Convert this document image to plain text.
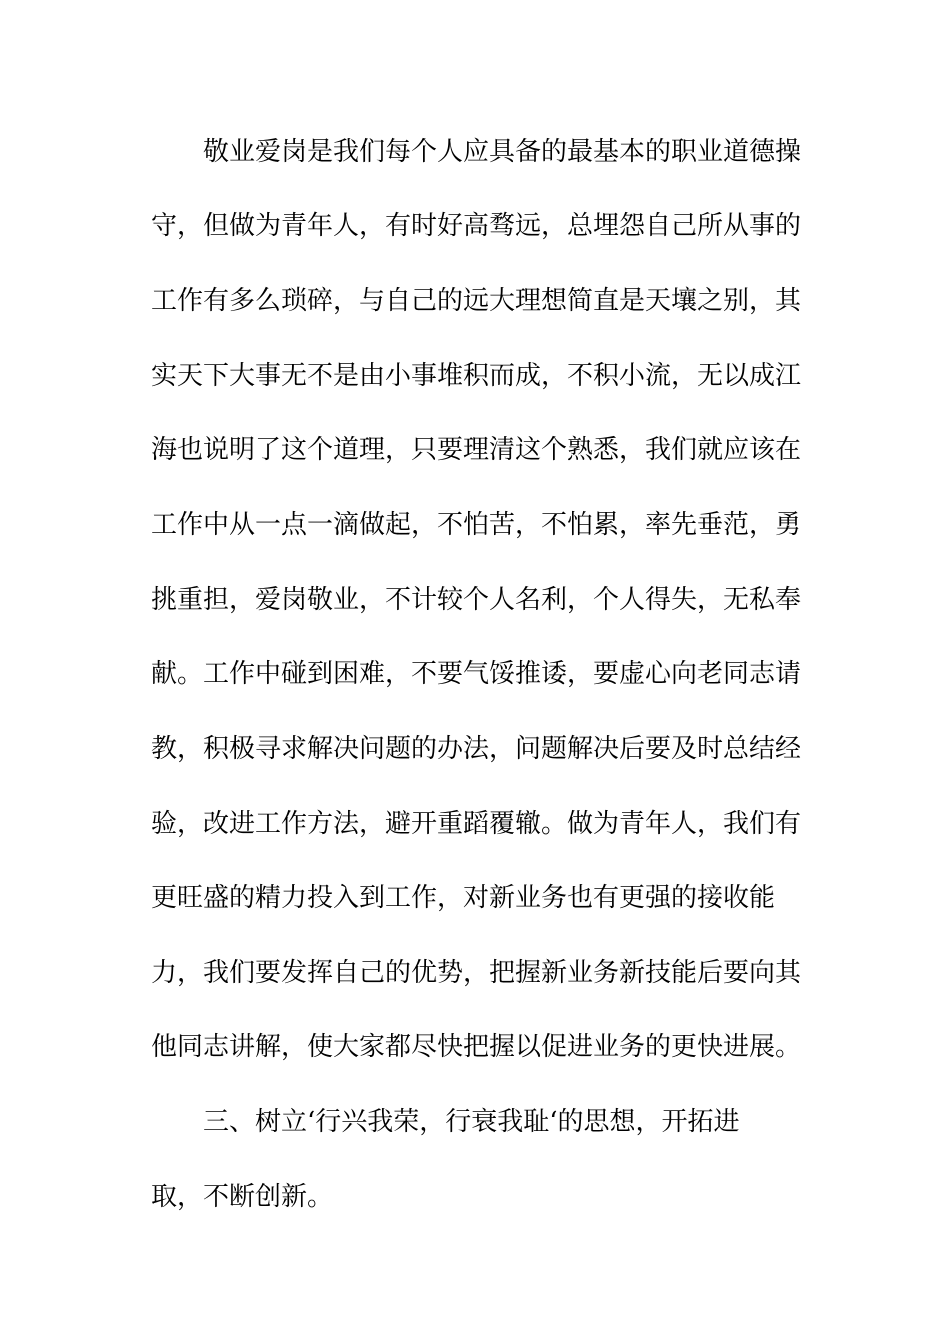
敬业爱岗是我们每个人应具备的最基本的职业道德操
守，但做为青年人，有时好高骛远，总埋怨自己所从事的
工作有多么琐碎，与自己的远大理想简直是天壤之别，其
实天下大事无不是由小事堆积而成，不积小流，无以成江
海也说明了这个道理，只要理清这个熟悉，我们就应该在
工作中从一点一滴做起，不怕苦，不怕累，率先垂范，勇
挑重担，爱岗敬业，不计较个人名利，个人得失，无私奉
献。工作中碰到困难，不要气馁推诿，要虚心向老同志请
教，积极寻求解决问题的办法，问题解决后要及时总结经
验，改进工作方法，避开重蹈覆辙。做为青年人，我们有
更旺盛的精力投入到工作，对新业务也有更强的接收能
力，我们要发挥自己的优势，把握新业务新技能后要向其
他同志讲解，使大家都尽快把握以促进业务的更快进展。
三、树立‘行兴我荣，行衰我耻‘的思想，开拓进
取，不断创新。
